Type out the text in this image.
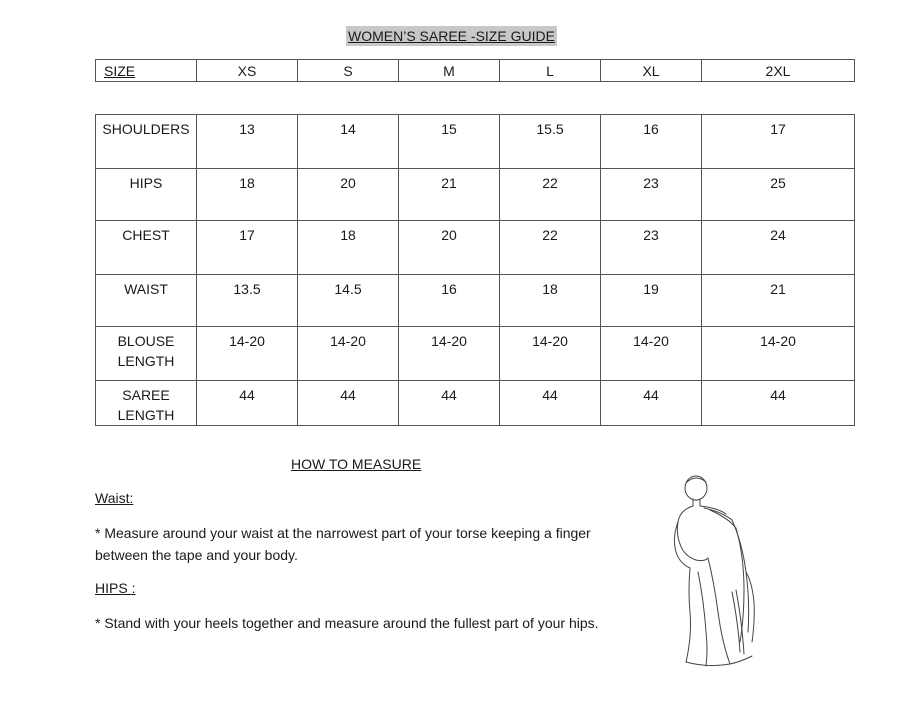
WOMEN’S SAREE -SIZE GUIDE
SIZE	XS	S	M	L	XL	2XL
SHOULDERS	13	14	15	15.5	16	17
HIPS	18	20	21	22	23	25
CHEST	17	18	20	22	23	24
WAIST	13.5	14.5	16	18	19	21
BLOUSE LENGTH	14-20	14-20	14-20	14-20	14-20	14-20
SAREE LENGTH	44	44	44	44	44	44
HOW TO MEASURE
Waist:
* Measure around your waist at the narrowest part of your torse keeping a finger between the tape and your body.
HIPS :
* Stand with your heels together and measure around the fullest part of your hips.
